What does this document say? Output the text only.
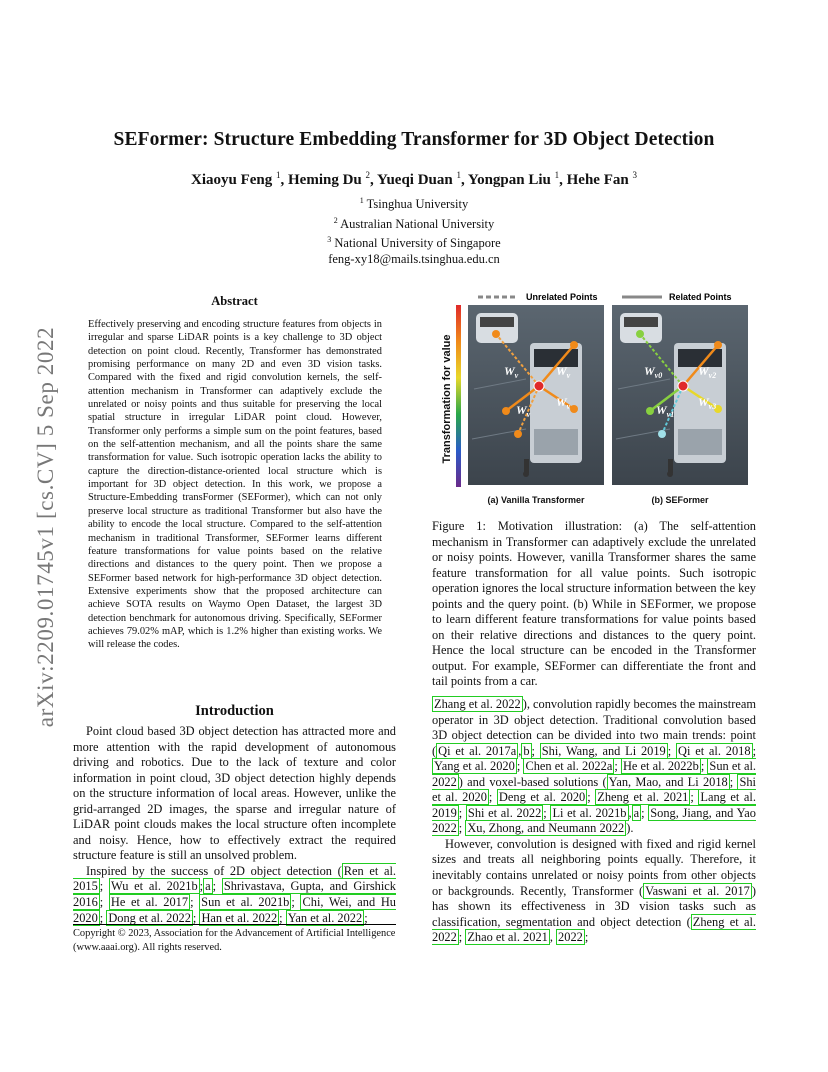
SEFormer: Structure Embedding Transformer for 3D Object Detection
Xiaoyu Feng $^1$, Heming Du $^2$, Yueqi Duan $^1$, Yongpan Liu $^1$, Hehe Fan $^3$
$^1$ Tsinghua University
$^2$ Australian National University
$^3$ National University of Singapore
feng-xy18@mails.tsinghua.edu.cn
arXiv:2209.01745v1 [cs.CV] 5 Sep 2022
Abstract
Effectively preserving and encoding structure features from objects in irregular and sparse LiDAR points is a key challenge to 3D object detection on point cloud. Recently, Transformer has demonstrated promising performance on many 2D and even 3D vision tasks. Compared with the fixed and rigid convolution kernels, the self-attention mechanism in Transformer can adaptively exclude the unrelated or noisy points and thus suitable for preserving the local spatial structure in irregular LiDAR point cloud. However, Transformer only performs a simple sum on the point features, based on the self-attention mechanism, and all the points share the same transformation for value. Such isotropic operation lacks the ability to capture the direction-distance-oriented local structure which is important for 3D object detection. In this work, we propose a Structure-Embedding transFormer (SEFormer), which can not only preserve local structure as traditional Transformer but also have the ability to encode the local structure. Compared to the self-attention mechanism in traditional Transformer, SEFormer learns different feature transformations for value points based on the relative directions and distances to the query point. Then we propose a SEFormer based network for high-performance 3D object detection. Extensive experiments show that the proposed architecture can achieve SOTA results on Waymo Open Dataset, the largest 3D detection benchmark for autonomous driving. Specifically, SEFormer achieves 79.02% mAP, which is 1.2% higher than existing works. We will release the codes.
Introduction

Point cloud based 3D object detection has attracted more and more attention with the rapid development of autonomous driving and robotics. Due to the lack of texture and color information in point cloud, 3D object detection highly depends on the structure information of local areas. However, unlike the grid-arranged 2D images, the sparse and irregular nature of LiDAR point clouds makes the local structure often incomplete and noisy. Hence, how to effectively extract the required structure feature is still an unsolved problem.

Inspired by the success of 2D object detection ( Ren et al. 2015 ; Wu et al. 2021b ; a ; Shrivastava, Gupta, and Girshick 2016 ; He et al. 2017 ; Sun et al. 2021b ; Chi, Wei, and Hu 2020 ; Dong et al. 2022 ; Han et al. 2022 ; Yan et al. 2022 ;

Copyright © 2023, Association for the Advancement of Artificial Intelligence (www.aaai.org). All rights reserved.
Unrelated Points	Related Points
Transformation for value	$W_v$	$W_v$
$W_v$
$W_v$
$W_{v0}$	$W_{v2}$
$W_{v3}$
$W_{v1}$
(a) Vanilla Transformer	(b) SEFormer
Figure 1: Motivation illustration: (a) The self-attention mechanism in Transformer can adaptively exclude the unrelated or noisy points. However, vanilla Transformer shares the same feature transformation for all value points. Such isotropic operation ignores the local structure information between the key points and the query point. (b) While in SEFormer, we propose to learn different feature transformations for value points based on their relative directions and distances to the query point. Hence the local structure can be encoded in the Transformer output. For example, SEFormer can differentiate the front and tail points from a car.

Zhang et al. 2022 ), convolution rapidly becomes the mainstream operator in 3D object detection. Traditional convolution based 3D object detection can be divided into two main trends: point ( Qi et al. 2017a , b ; Shi, Wang, and Li 2019 ; Qi et al. 2018 ; Yang et al. 2020 ; Chen et al. 2022a ; He et al. 2022b ; Sun et al. 2022 ) and voxel-based solutions ( Yan, Mao, and Li 2018 ; Shi et al. 2020 ; Deng et al. 2020 ; Zheng et al. 2021 ; Lang et al. 2019 ; Shi et al. 2022 ; Li et al. 2021b , a ; Song, Jiang, and Yao 2022 ; Xu, Zhong, and Neumann 2022 ).

However, convolution is designed with fixed and rigid kernel sizes and treats all neighboring points equally. Therefore, it inevitably contains unrelated or noisy points from other objects or backgrounds. Recently, Transformer ( Vaswani et al. 2017 ) has shown its effectiveness in 3D vision tasks such as classification, segmentation and object detection ( Zheng et al. 2022 ; Zhao et al. 2021 , 2022 ;
